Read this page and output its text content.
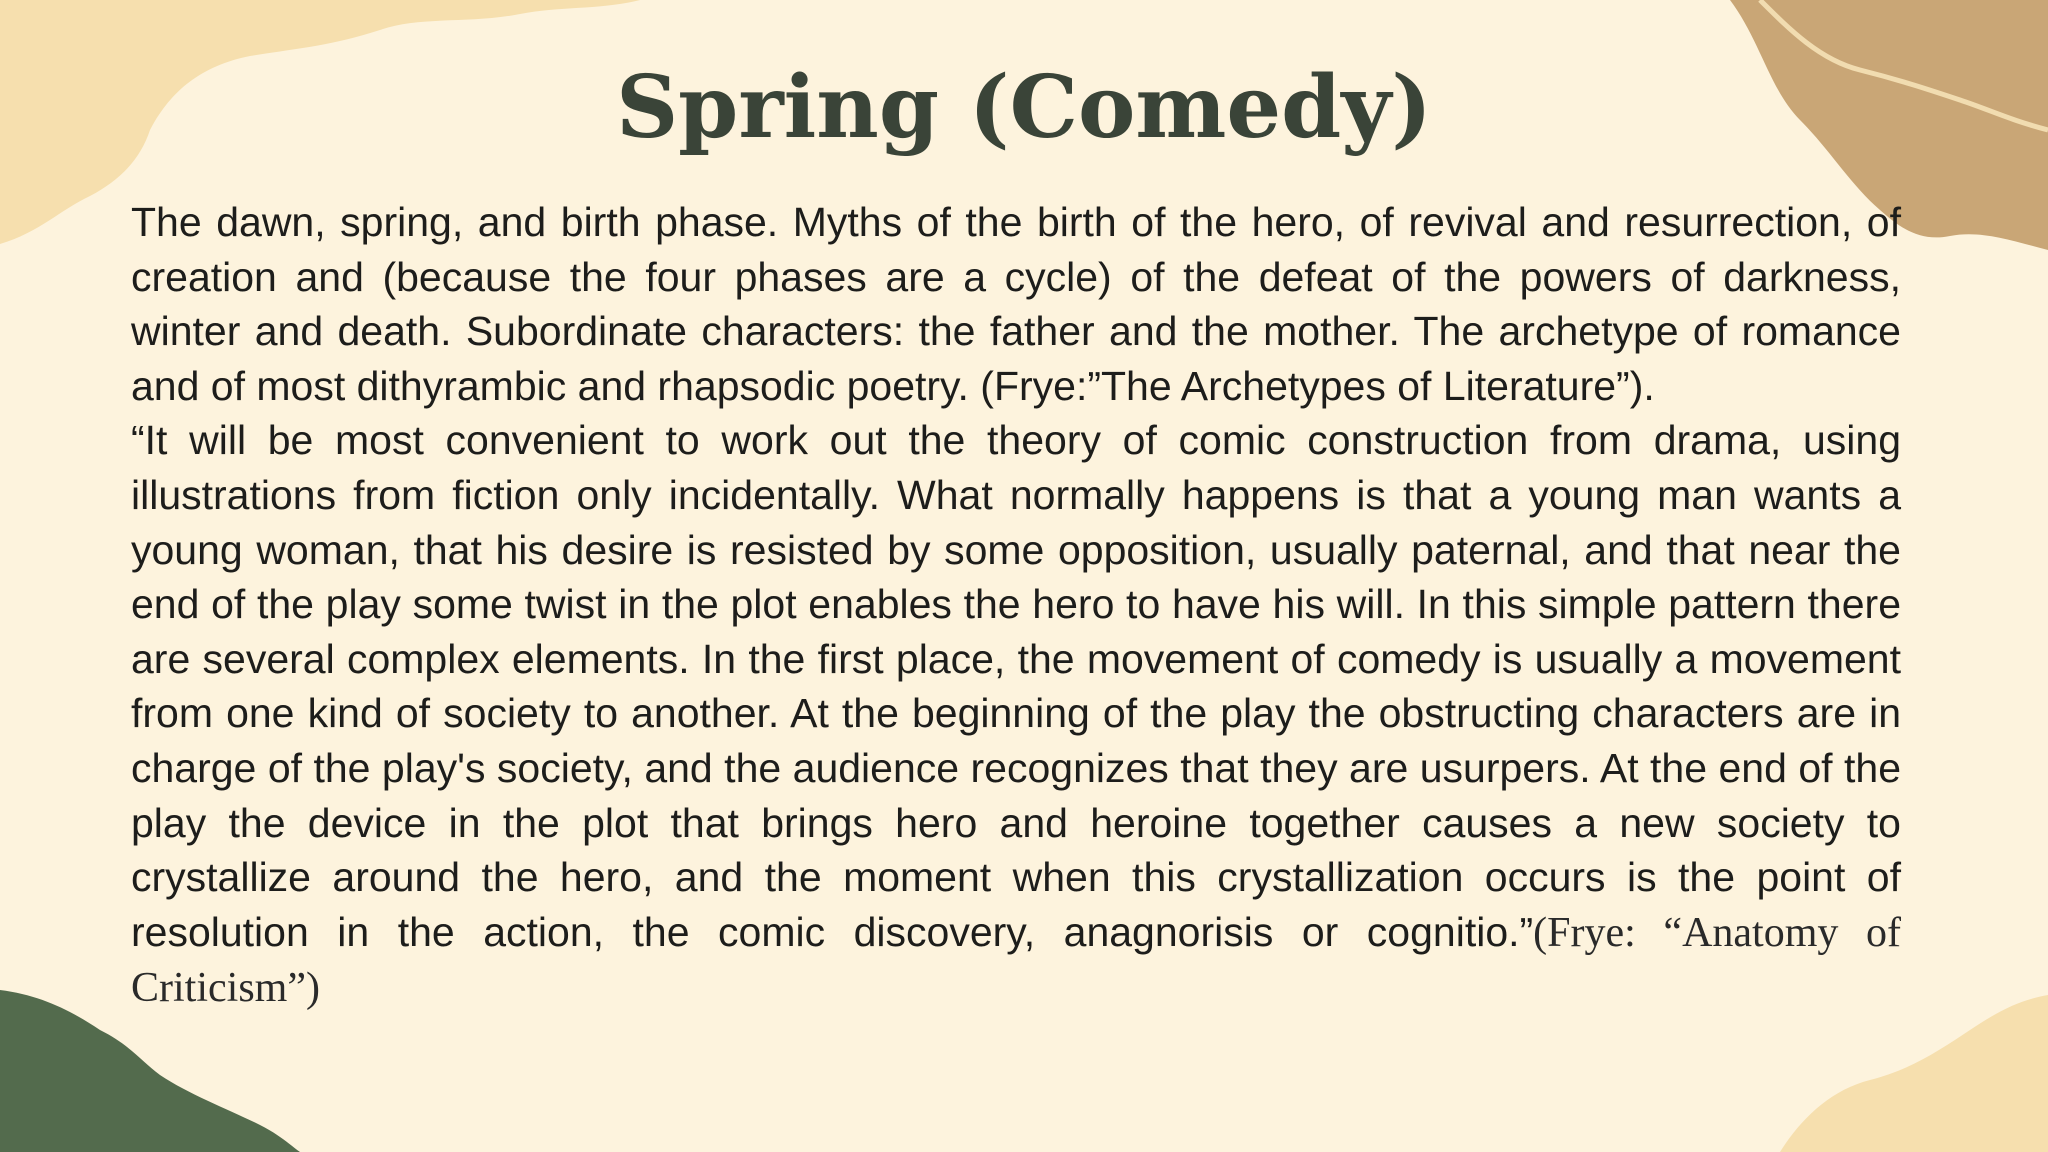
Spring (Comedy)

The dawn, spring, and birth phase. Myths of the birth of the hero, of revival and resurrection, of creation and (because the four phases are a cycle) of the defeat of the powers of darkness, winter and death. Subordinate characters: the father and the mother. The archetype of romance and of most dithyrambic and rhapsodic poetry. (Frye:”The Archetypes of Literature”).

“It will be most convenient to work out the theory of comic construction from drama, using illustrations from fiction only incidentally. What normally happens is that a young man wants a young woman, that his desire is resisted by some opposition, usually paternal, and that near the end of the play some twist in the plot enables the hero to have his will. In this simple pattern there are several complex elements. In the first place, the movement of comedy is usually a movement from one kind of society to another. At the beginning of the play the obstructing characters are in charge of the play's society, and the audience recognizes that they are usurpers. At the end of the play the device in the plot that brings hero and heroine together causes a new society to crystallize around the hero, and the moment when this crystallization occurs is the point of resolution in the action, the comic discovery, anagnorisis or cognitio.”(Frye: “Anatomy of Criticism”)
